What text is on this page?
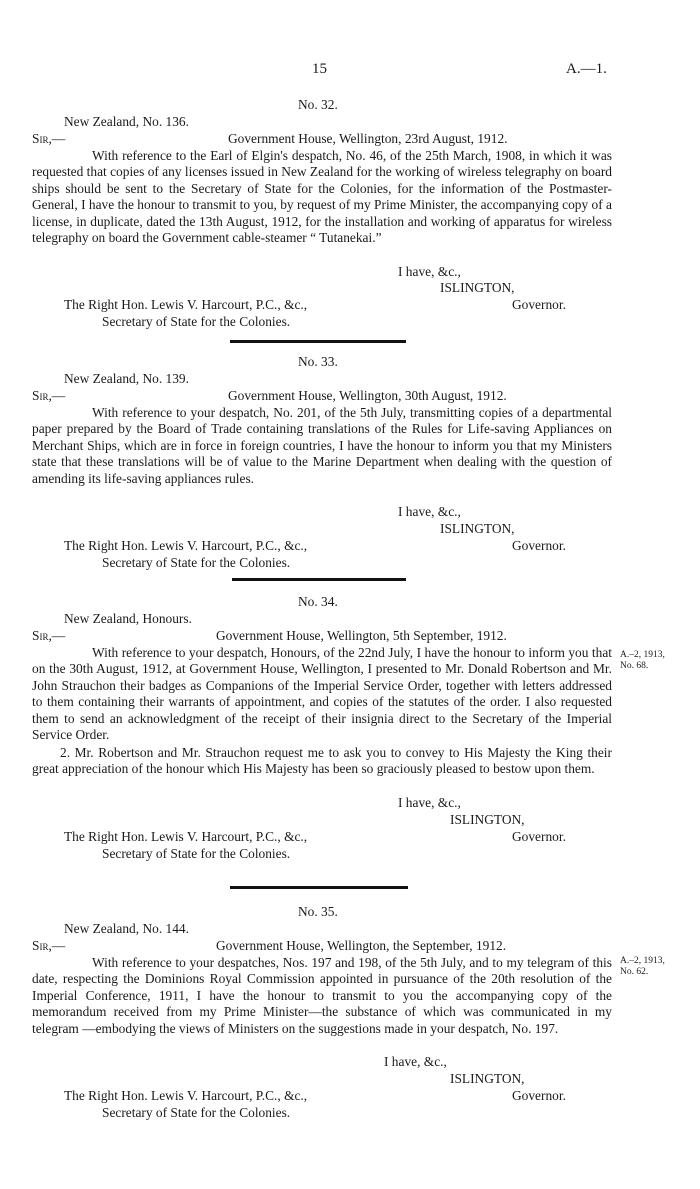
15	A.—1.
No. 32.
New Zealand, No. 136.
Sir,—	Government House, Wellington, 23rd August, 1912.
With reference to the Earl of Elgin's despatch, No. 46, of the 25th March, 1908, in which it was requested that copies of any licenses issued in New Zealand for the working of wireless telegraphy on board ships should be sent to the Secretary of State for the Colonies, for the information of the Postmaster-General, I have the honour to transmit to you, by request of my Prime Minister, the accompanying copy of a license, in duplicate, dated the 13th August, 1912, for the installation and working of apparatus for wireless telegraphy on board the Government cable-steamer “ Tutanekai.”
I have, &c.,
ISLINGTON,
The Right Hon. Lewis V. Harcourt, P.C., &c.,	Governor.
Secretary of State for the Colonies.
No. 33.
New Zealand, No. 139.
Sir,—	Government House, Wellington, 30th August, 1912.
With reference to your despatch, No. 201, of the 5th July, transmitting copies of a departmental paper prepared by the Board of Trade containing translations of the Rules for Life-saving Appliances on Merchant Ships, which are in force in foreign countries, I have the honour to inform you that my Ministers state that these translations will be of value to the Marine Department when dealing with the question of amending its life-saving appliances rules.
I have, &c.,
ISLINGTON,
The Right Hon. Lewis V. Harcourt, P.C., &c.,	Governor.
Secretary of State for the Colonies.
No. 34.
New Zealand, Honours.
Sir,—	Government House, Wellington, 5th September, 1912.
With reference to your despatch, Honours, of the 22nd July, I have the honour to inform you that on the 30th August, 1912, at Government House, Wellington, I presented to Mr. Donald Robertson and Mr. John Strauchon their badges as Companions of the Imperial Service Order, together with letters addressed to them containing their warrants of appointment, and copies of the statutes of the order. I also requested them to send an acknowledgment of the receipt of their insignia direct to the Secretary of the Imperial Service Order.
2. Mr. Robertson and Mr. Strauchon request me to ask you to convey to His Majesty the King their great appreciation of the honour which His Majesty has been so graciously pleased to bestow upon them.
A.–2, 1913,
No. 68.
I have, &c.,
ISLINGTON,
The Right Hon. Lewis V. Harcourt, P.C., &c.,	Governor.
Secretary of State for the Colonies.
No. 35.
New Zealand, No. 144.
Sir,—	Government House, Wellington, the September, 1912.
With reference to your despatches, Nos. 197 and 198, of the 5th July, and to my telegram of this date, respecting the Dominions Royal Commission appointed in pursuance of the 20th resolution of the Imperial Conference, 1911, I have the honour to transmit to you the accompanying copy of the memorandum received from my Prime Minister—the substance of which was communicated in my telegram —embodying the views of Ministers on the suggestions made in your despatch, No. 197.
A.–2, 1913,
No. 62.
I have, &c.,
ISLINGTON,
The Right Hon. Lewis V. Harcourt, P.C., &c.,	Governor.
Secretary of State for the Colonies.
